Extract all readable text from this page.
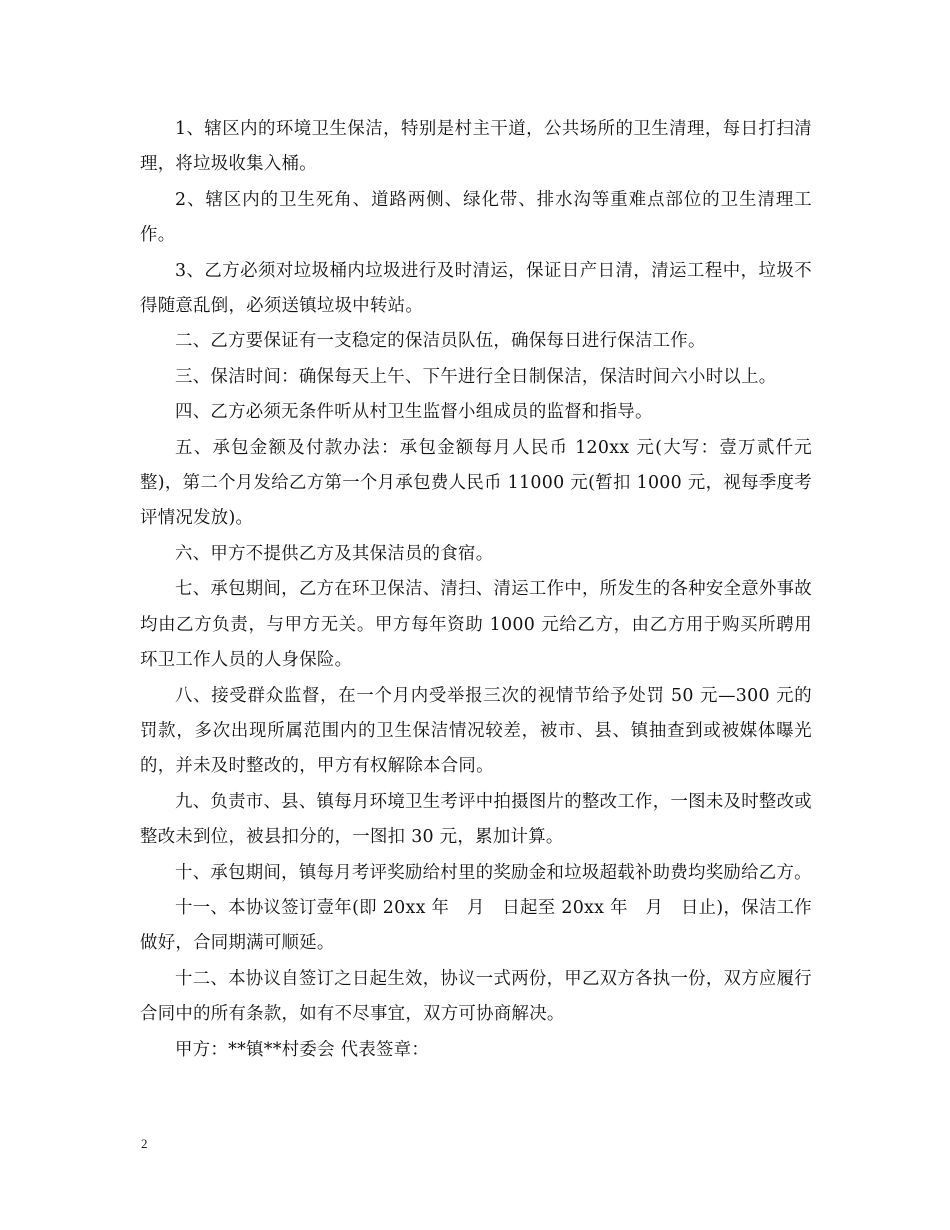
1、辖区内的环境卫生保洁，特别是村主干道，公共场所的卫生清理，每日打扫清理，将垃圾收集入桶。

2、辖区内的卫生死角、道路两侧、绿化带、排水沟等重难点部位的卫生清理工作。

3、乙方必须对垃圾桶内垃圾进行及时清运，保证日产日清，清运工程中，垃圾不得随意乱倒，必须送镇垃圾中转站。

二、乙方要保证有一支稳定的保洁员队伍，确保每日进行保洁工作。

三、保洁时间：确保每天上午、下午进行全日制保洁，保洁时间六小时以上。

四、乙方必须无条件听从村卫生监督小组成员的监督和指导。

五、承包金额及付款办法：承包金额每月人民币 120xx 元(大写：壹万贰仟元整)，第二个月发给乙方第一个月承包费人民币 11000 元(暂扣 1000 元，视每季度考评情况发放)。

六、甲方不提供乙方及其保洁员的食宿。

七、承包期间，乙方在环卫保洁、清扫、清运工作中，所发生的各种安全意外事故均由乙方负责，与甲方无关。甲方每年资助 1000 元给乙方，由乙方用于购买所聘用环卫工作人员的人身保险。

八、接受群众监督，在一个月内受举报三次的视情节给予处罚 50 元—300 元的罚款，多次出现所属范围内的卫生保洁情况较差，被市、县、镇抽查到或被媒体曝光的，并未及时整改的，甲方有权解除本合同。

九、负责市、县、镇每月环境卫生考评中拍摄图片的整改工作，一图未及时整改或整改未到位，被县扣分的，一图扣 30 元，累加计算。

十、承包期间，镇每月考评奖励给村里的奖励金和垃圾超载补助费均奖励给乙方。

十一、本协议签订壹年(即 20xx 年　月　日起至 20xx 年　月　日止)，保洁工作做好，合同期满可顺延。

十二、本协议自签订之日起生效，协议一式两份，甲乙双方各执一份，双方应履行合同中的所有条款，如有不尽事宜，双方可协商解决。

甲方：**镇**村委会 代表签章：

2
